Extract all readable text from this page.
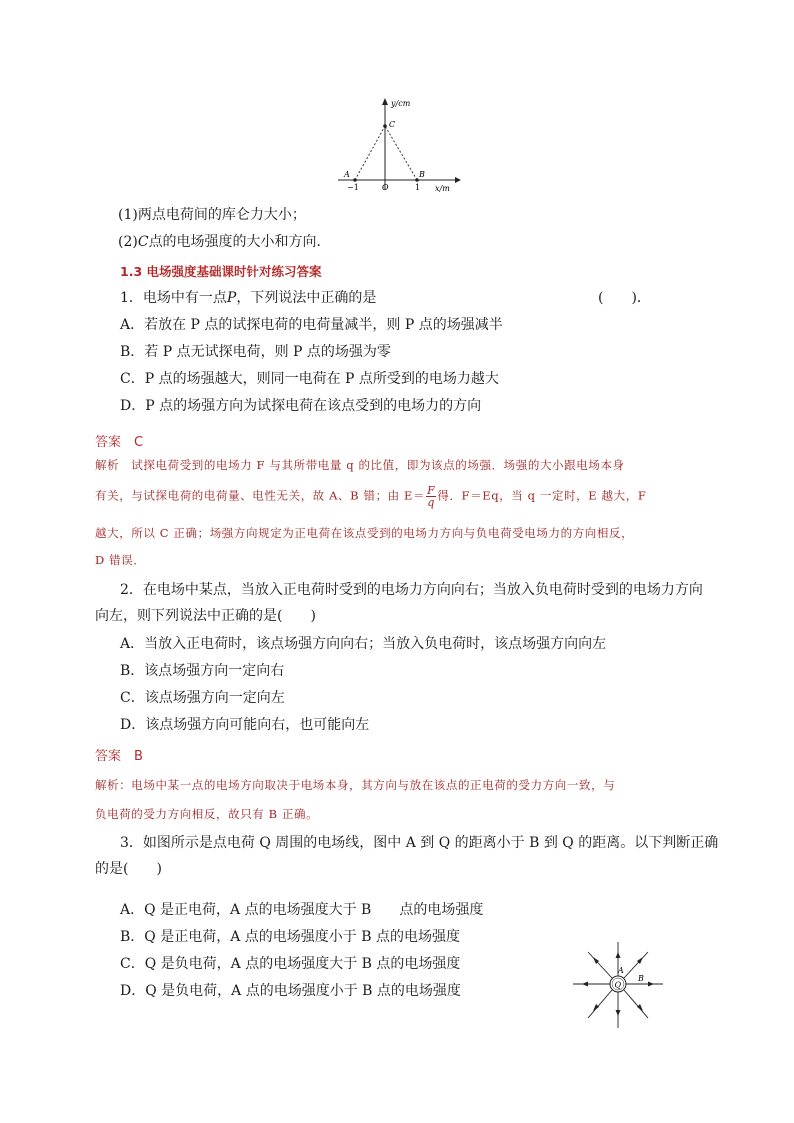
y/cm
x/m
C
A	B
O
−1	1
(1)两点电荷间的库仑力大小；
(2)C点的电场强度的大小和方向．
1.3 电场强度基础课时针对练习答案
1．电场中有一点P，下列说法中正确的是	(　　)．
A．若放在 P 点的试探电荷的电荷量减半，则 P 点的场强减半
B．若 P 点无试探电荷，则 P 点的场强为零
C．P 点的场强越大，则同一电荷在 P 点所受到的电场力越大
D．P 点的场强方向为试探电荷在该点受到的电场力的方向
答案　C
解析　试探电荷受到的电场力 F 与其所带电量 q 的比值，即为该点的场强．场强的大小跟电场本身
有关，与试探电荷的电荷量、电性无关，故 A、B 错；由 $E= \frac{F}{q}$ 得．F＝Eq，当 q 一定时，E 越大，F
越大，所以 C 正确；场强方向规定为正电荷在该点受到的电场力方向与负电荷受电场力的方向相反，
D 错误．
2．在电场中某点，当放入正电荷时受到的电场力方向向右；当放入负电荷时受到的电场力方向
向左，则下列说法中正确的是(　　)
A．当放入正电荷时，该点场强方向向右；当放入负电荷时，该点场强方向向左
B．该点场强方向一定向右
C．该点场强方向一定向左
D．该点场强方向可能向右，也可能向左
答案　B
解析：电场中某一点的电场方向取决于电场本身，其方向与放在该点的正电荷的受力方向一致，与
负电荷的受力方向相反，故只有 B 正确。
3．如图所示是点电荷 Q 周围的电场线，图中 A 到 Q 的距离小于 B 到 Q 的距离。以下判断正确
的是(　　)
A．Q 是正电荷，A 点的电场强度大于 B　　点的电场强度
B．Q 是正电荷，A 点的电场强度小于 B 点的电场强度
C．Q 是负电荷，A 点的电场强度大于 B 点的电场强度
D．Q 是负电荷，A 点的电场强度小于 B 点的电场强度	Q
A
B
